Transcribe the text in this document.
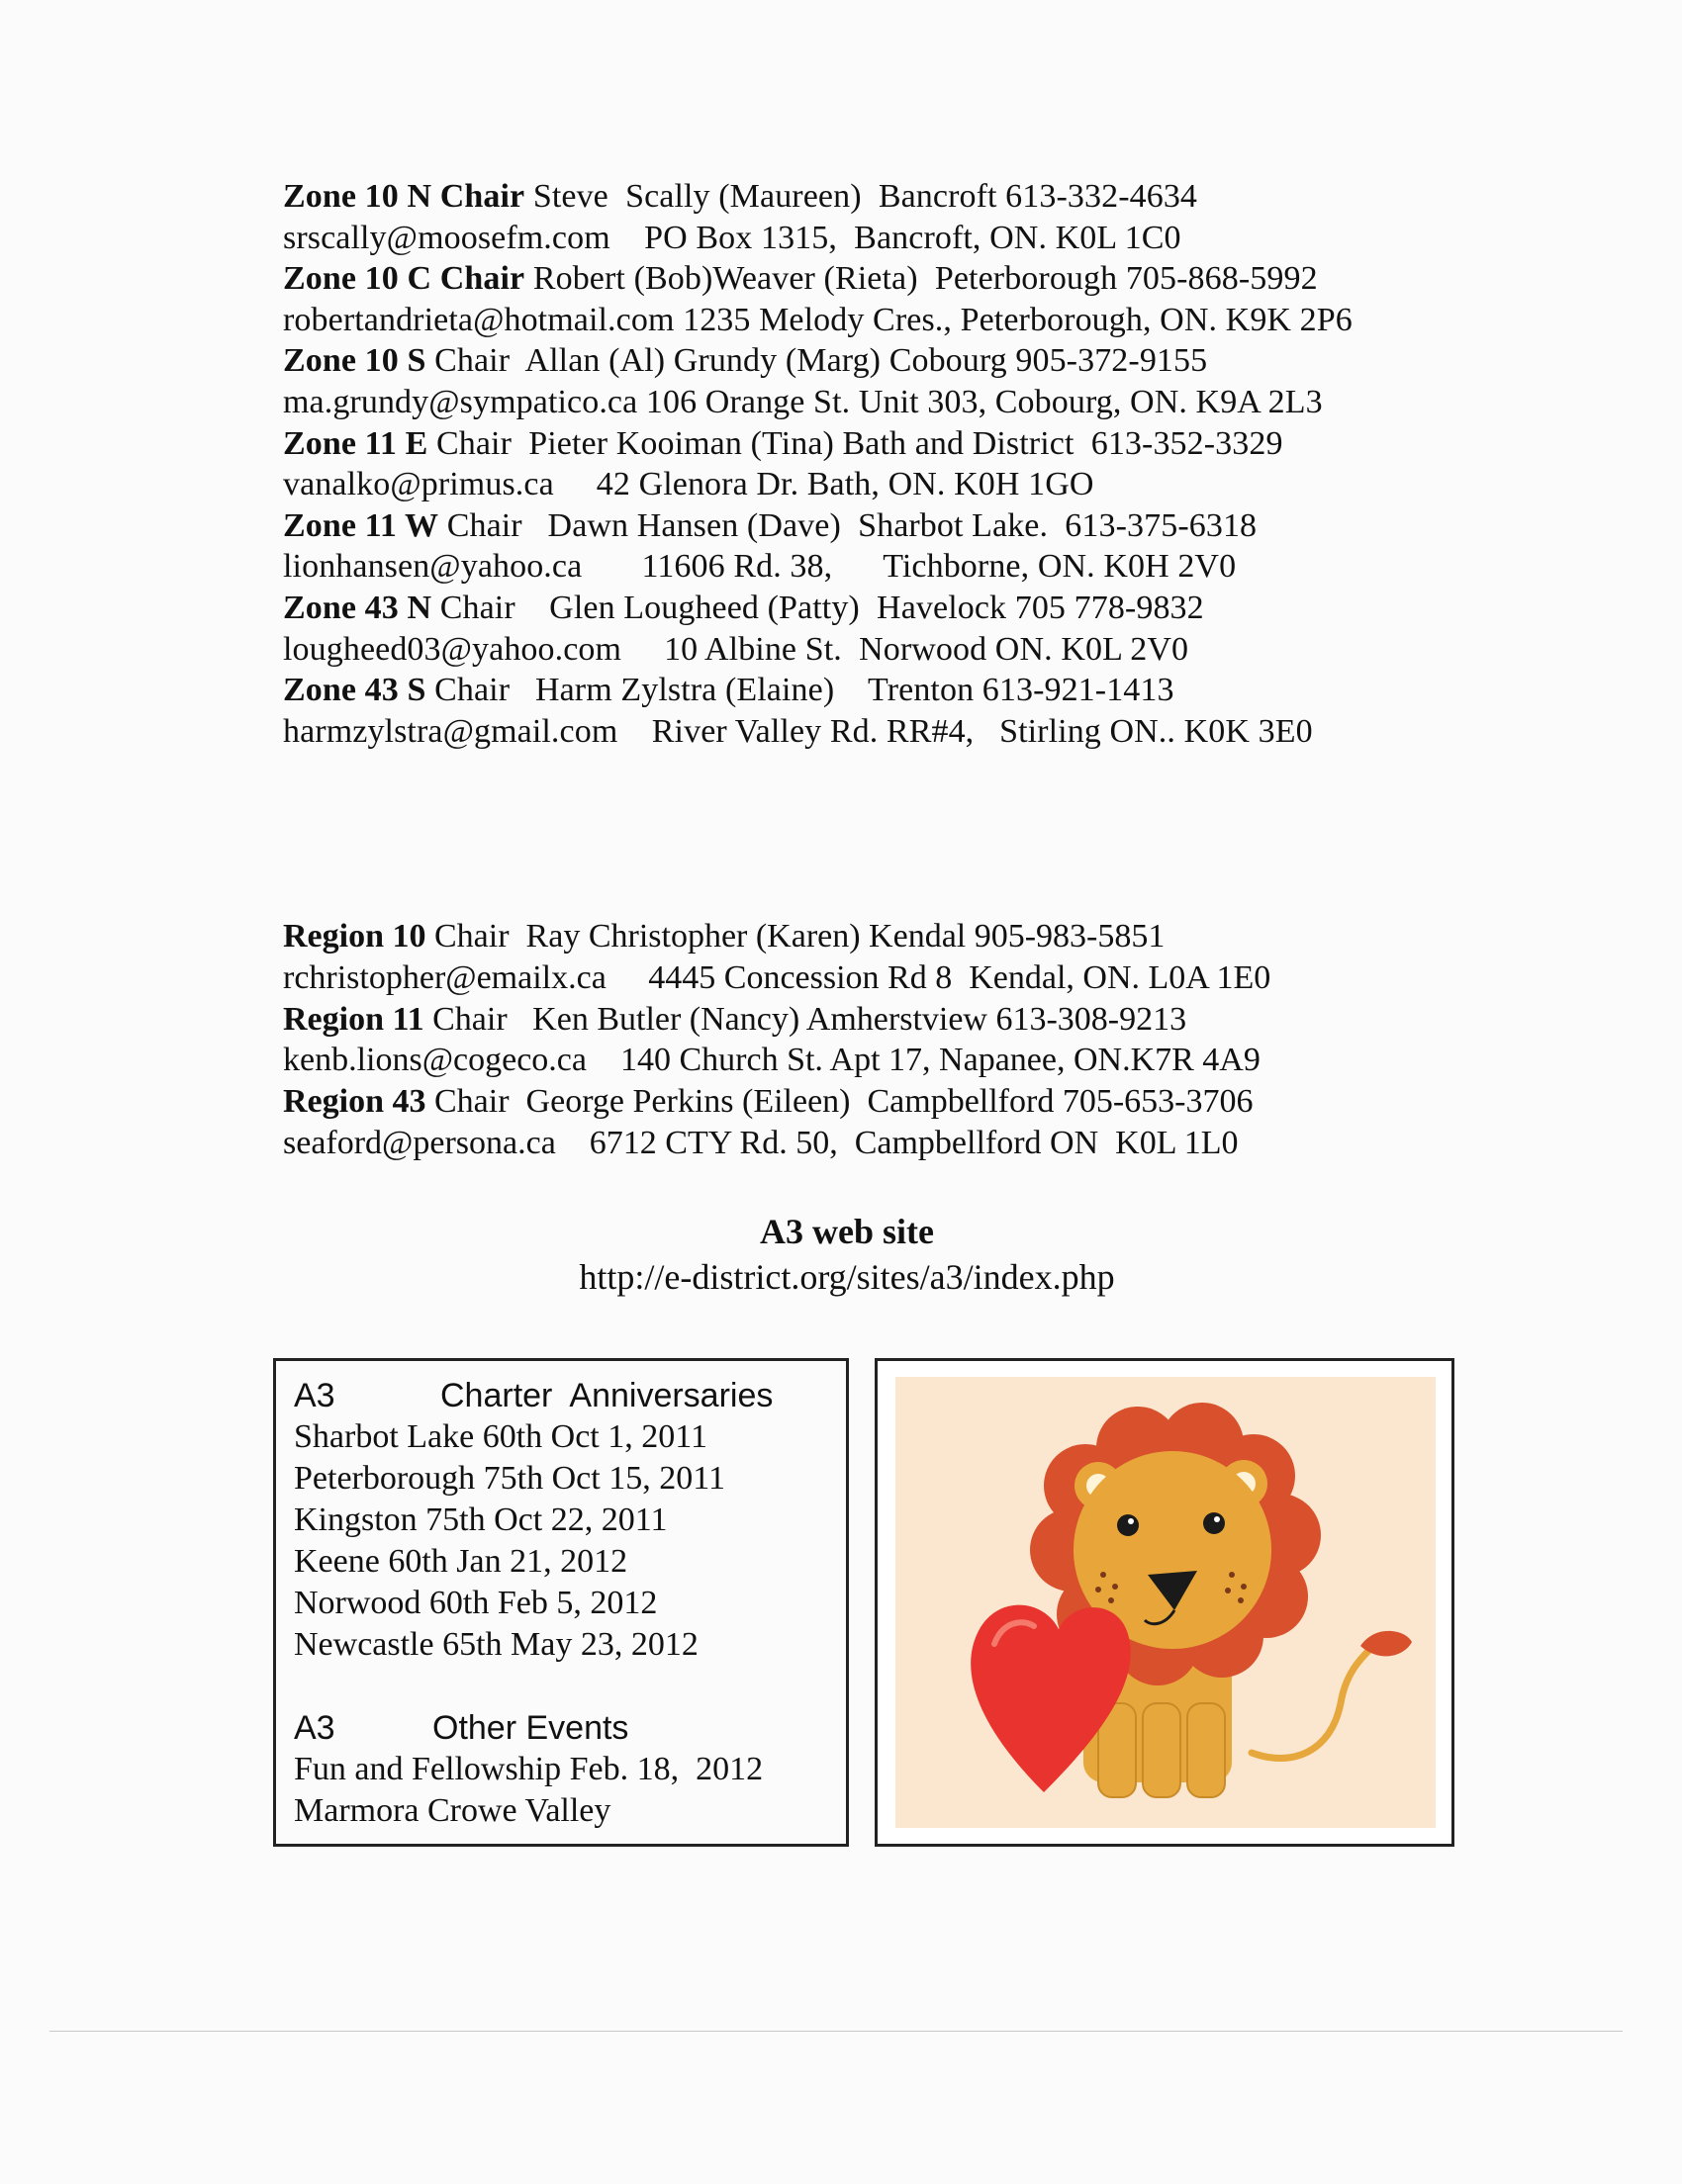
Zone 10 N Chair Steve  Scally (Maureen)  Bancroft 613-332-4634
srscally@moosefm.com    PO Box 1315,  Bancroft, ON. K0L 1C0
Zone 10 C Chair Robert (Bob)Weaver (Rieta)  Peterborough 705-868-5992
robertandrieta@hotmail.com 1235 Melody Cres., Peterborough, ON. K9K 2P6
Zone 10 S Chair  Allan (Al) Grundy (Marg) Cobourg 905-372-9155
ma.grundy@sympatico.ca 106 Orange St. Unit 303, Cobourg, ON. K9A 2L3
Zone 11 E Chair  Pieter Kooiman (Tina) Bath and District  613-352-3329
vanalko@primus.ca     42 Glenora Dr. Bath, ON. K0H 1GO
Zone 11 W Chair   Dawn Hansen (Dave)  Sharbot Lake.  613-375-6318
lionhansen@yahoo.ca       11606 Rd. 38,      Tichborne, ON. K0H 2V0
Zone 43 N Chair    Glen Lougheed (Patty)  Havelock 705 778-9832
lougheed03@yahoo.com     10 Albine St.  Norwood ON. K0L 2V0
Zone 43 S Chair   Harm Zylstra (Elaine)    Trenton 613-921-1413
harmzylstra@gmail.com    River Valley Rd. RR#4,   Stirling ON.. K0K 3E0
Region 10 Chair  Ray Christopher (Karen) Kendal 905-983-5851
rchristopher@emailx.ca     4445 Concession Rd 8  Kendal, ON. L0A 1E0
Region 11 Chair   Ken Butler (Nancy) Amherstview 613-308-9213
kenb.lions@cogeco.ca    140 Church St. Apt 17, Napanee, ON.K7R 4A9
Region 43 Chair  George Perkins (Eileen)  Campbellford 705-653-3706
seaford@persona.ca    6712 CTY Rd. 50,  Campbellford ON  K0L 1L0
A3 web site
http://e-district.org/sites/a3/index.php
A3	Charter  Anniversaries
Sharbot Lake 60th Oct 1, 2011
Peterborough 75th Oct 15, 2011
Kingston 75th Oct 22, 2011
Keene 60th Jan 21, 2012
Norwood 60th Feb 5, 2012
Newcastle 65th May 23, 2012
A3	Other Events
Fun and Fellowship Feb. 18,  2012
Marmora Crowe Valley
